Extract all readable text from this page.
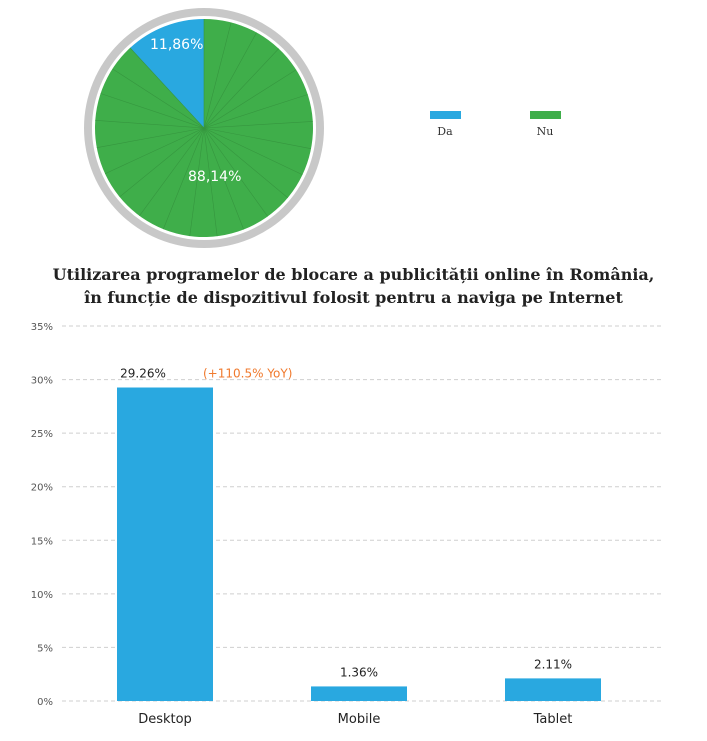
11,86%
88,14%
Da	Nu
Utilizarea programelor de blocare a publicității online în România,
în funcție de dispozitivul folosit pentru a naviga pe Internet
0%
5%
10%
15%
20%
25%
30%
35%
29.26%	(+110.5% YoY)
Desktop
1.36%
Mobile
2.11%
Tablet
